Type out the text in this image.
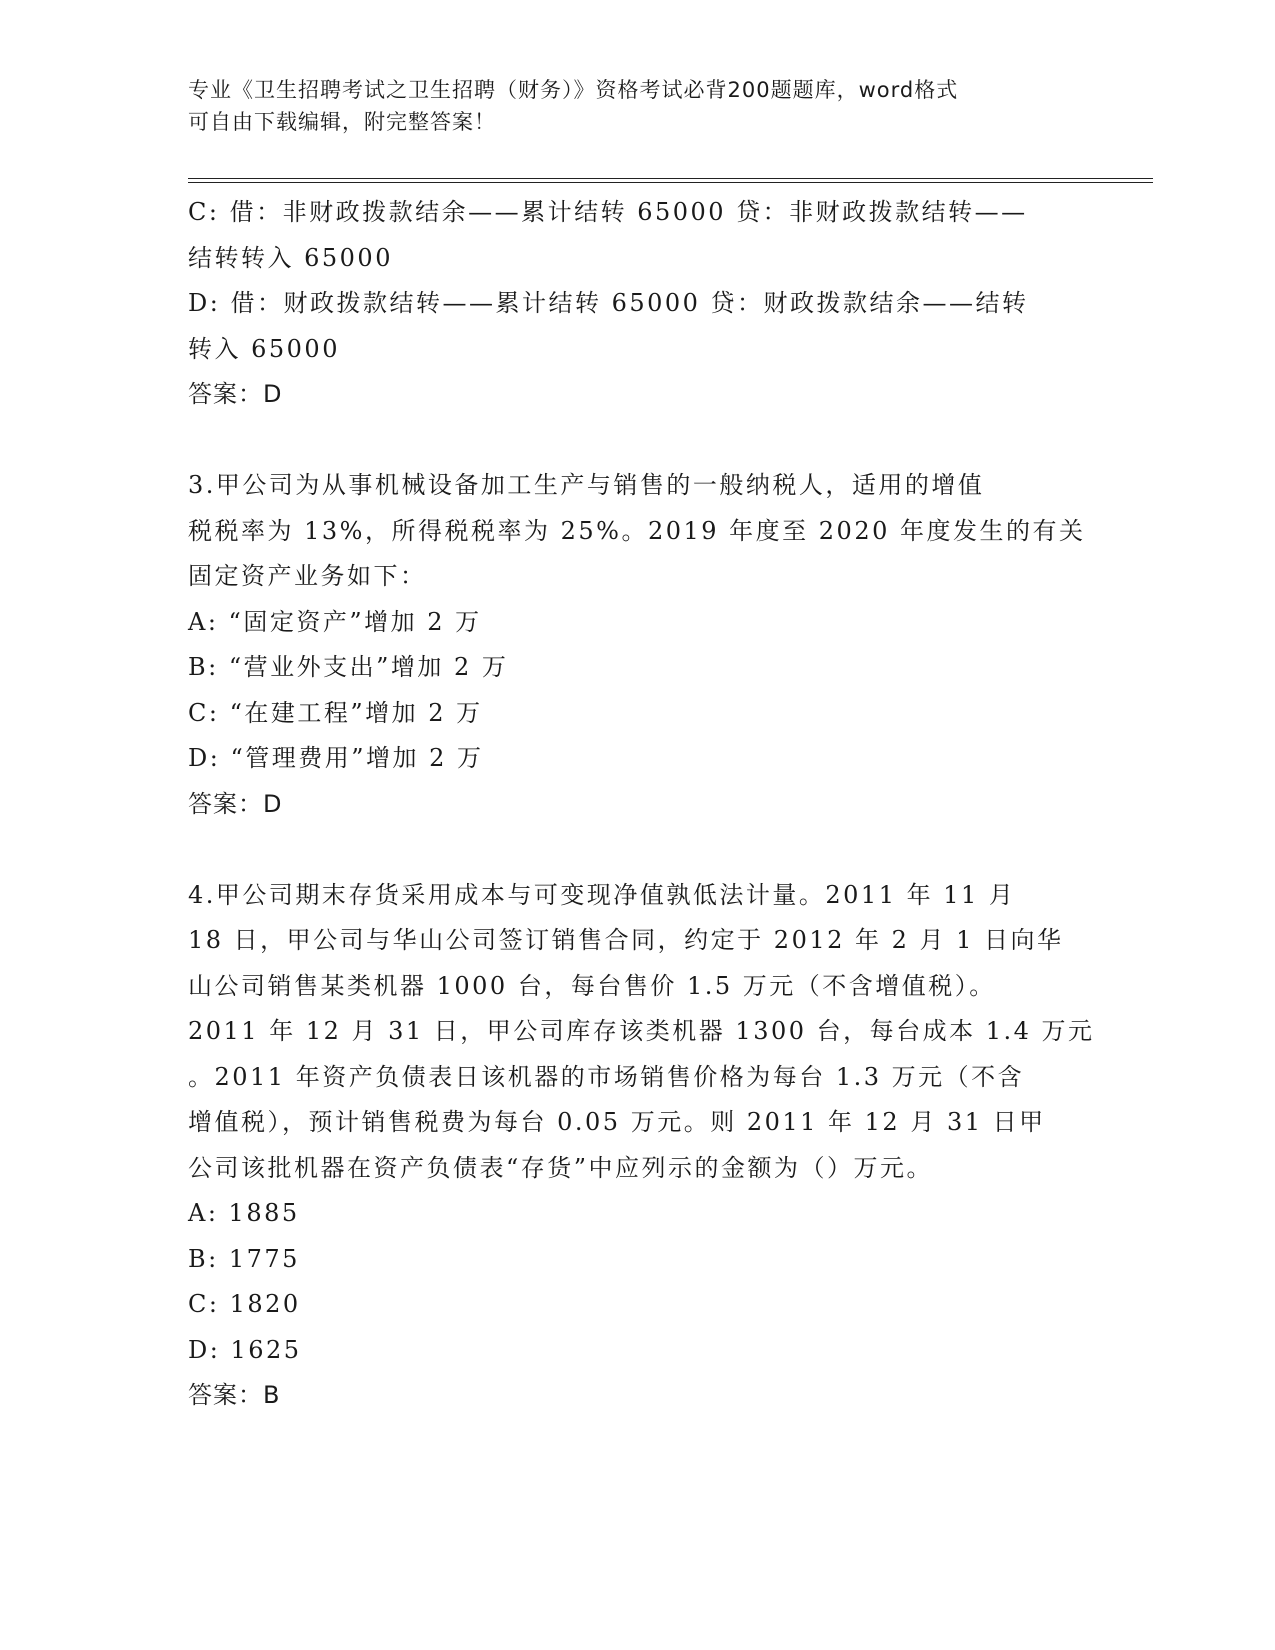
专业《卫生招聘考试之卫生招聘（财务）》资格考试必背200题题库，word格式
可自由下载编辑，附完整答案！
C: 借：非财政拨款结余——累计结转 65000 贷：非财政拨款结转——
结转转入 65000
D: 借：财政拨款结转——累计结转 65000 贷：财政拨款结余——结转
转入 65000
答案：D
3.甲公司为从事机械设备加工生产与销售的一般纳税人，适用的增值
税税率为 13%，所得税税率为 25%。2019 年度至 2020 年度发生的有关
固定资产业务如下：
A: “固定资产”增加 2 万
B: “营业外支出”增加 2 万
C: “在建工程”增加 2 万
D: “管理费用”增加 2 万
答案：D
4.甲公司期末存货采用成本与可变现净值孰低法计量。2011 年 11 月
18 日，甲公司与华山公司签订销售合同，约定于 2012 年 2 月 1 日向华
山公司销售某类机器 1000 台，每台售价 1.5 万元（不含增值税）。
2011 年 12 月 31 日，甲公司库存该类机器 1300 台，每台成本 1.4 万元
。2011 年资产负债表日该机器的市场销售价格为每台 1.3 万元（不含
增值税），预计销售税费为每台 0.05 万元。则 2011 年 12 月 31 日甲
公司该批机器在资产负债表“存货”中应列示的金额为（）万元。
A: 1885
B: 1775
C: 1820
D: 1625
答案：B
